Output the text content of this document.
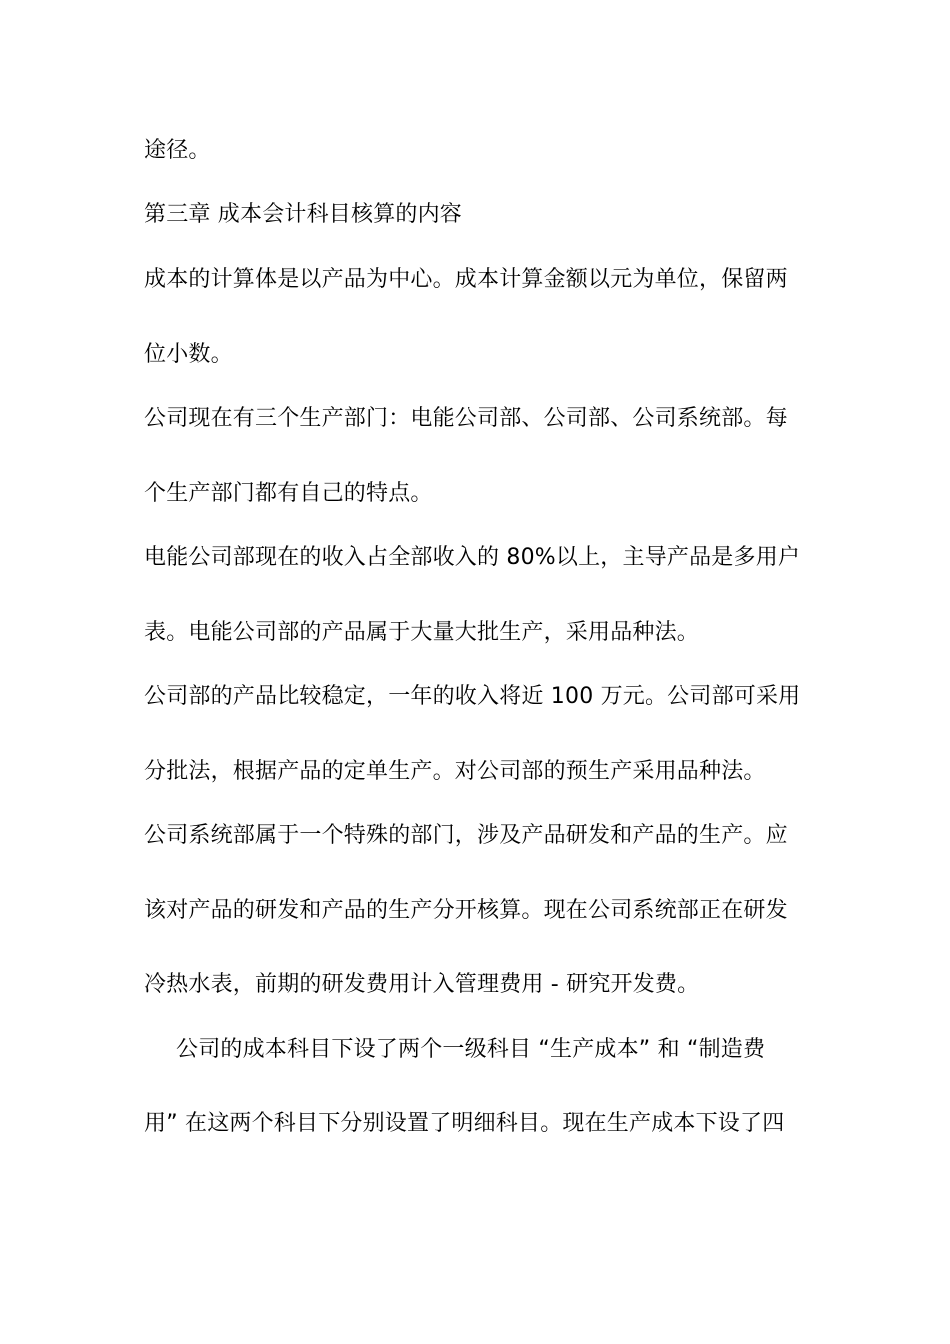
途径。
第三章 成本会计科目核算的内容
成本的计算体是以产品为中心。成本计算金额以元为单位，保留两
位小数。
公司现在有三个生产部门：电能公司部、公司部、公司系统部。每
个生产部门都有自己的特点。
电能公司部现在的收入占全部收入的 80%以上，主导产品是多用户
表。电能公司部的产品属于大量大批生产，采用品种法。
公司部的产品比较稳定，一年的收入将近 100 万元。公司部可采用
分批法，根据产品的定单生产。对公司部的预生产采用品种法。
公司系统部属于一个特殊的部门，涉及产品研发和产品的生产。应
该对产品的研发和产品的生产分开核算。现在公司系统部正在研发
冷热水表，前期的研发费用计入管理费用 - 研究开发费。
公司的成本科目下设了两个一级科目 “生产成本” 和 “制造费
用” 在这两个科目下分别设置了明细科目。现在生产成本下设了四
